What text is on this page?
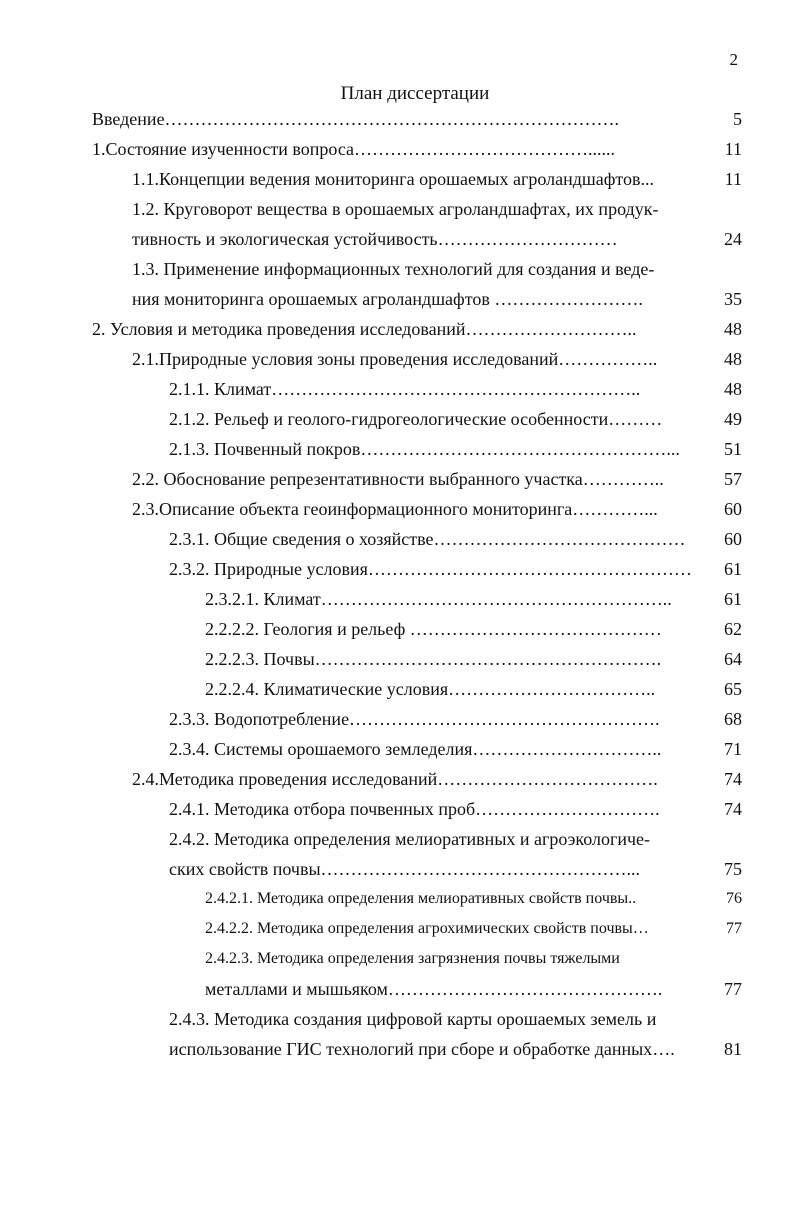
2
План диссертации
Введение………………………………………………………………….	5
1.Состояние изученности вопроса…………………………………......	11
1.1.Концепции ведения мониторинга орошаемых агроландшафтов...	11
1.2. Круговорот вещества в орошаемых агроландшафтах, их продук-
тивность и экологическая устойчивость…………………………	24
1.3. Применение информационных технологий для создания и веде-
ния мониторинга орошаемых агроландшафтов …………………….	35
2. Условия и методика проведения исследований………………………..	48
2.1.Природные условия зоны проведения исследований……………..	48
2.1.1. Климат……………………………………………………..	48
2.1.2. Рельеф и геолого-гидрогеологические особенности………	49
2.1.3. Почвенный покров……………………………………………...	51
2.2. Обоснование репрезентативности выбранного участка…………..	57
2.3.Описание объекта геоинформационного мониторинга…………...	60
2.3.1. Общие сведения о хозяйстве……………………………………	60
2.3.2. Природные условия………………………………………………	61
2.3.2.1. Климат…………………………………………………..	61
2.2.2.2. Геология и рельеф ……………………………………	62
2.2.2.3. Почвы………………………………………………….	64
2.2.2.4. Климатические условия……………………………..	65
2.3.3. Водопотребление…………………………………………….	68
2.3.4. Системы орошаемого земледелия…………………………..	71
2.4.Методика проведения исследований……………………………….	74
2.4.1. Методика отбора почвенных проб………………………….	74
2.4.2. Методика определения мелиоративных и агроэкологиче-
ских свойств почвы……………………………………………...	75
2.4.2.1. Методика определения мелиоративных свойств почвы..	76
2.4.2.2. Методика определения агрохимических свойств почвы…	77
2.4.2.3. Методика определения загрязнения почвы тяжелыми
металлами и мышьяком……………………………………….	77
2.4.3. Методика создания цифровой карты орошаемых земель и
использование ГИС технологий при сборе и обработке данных….	81
